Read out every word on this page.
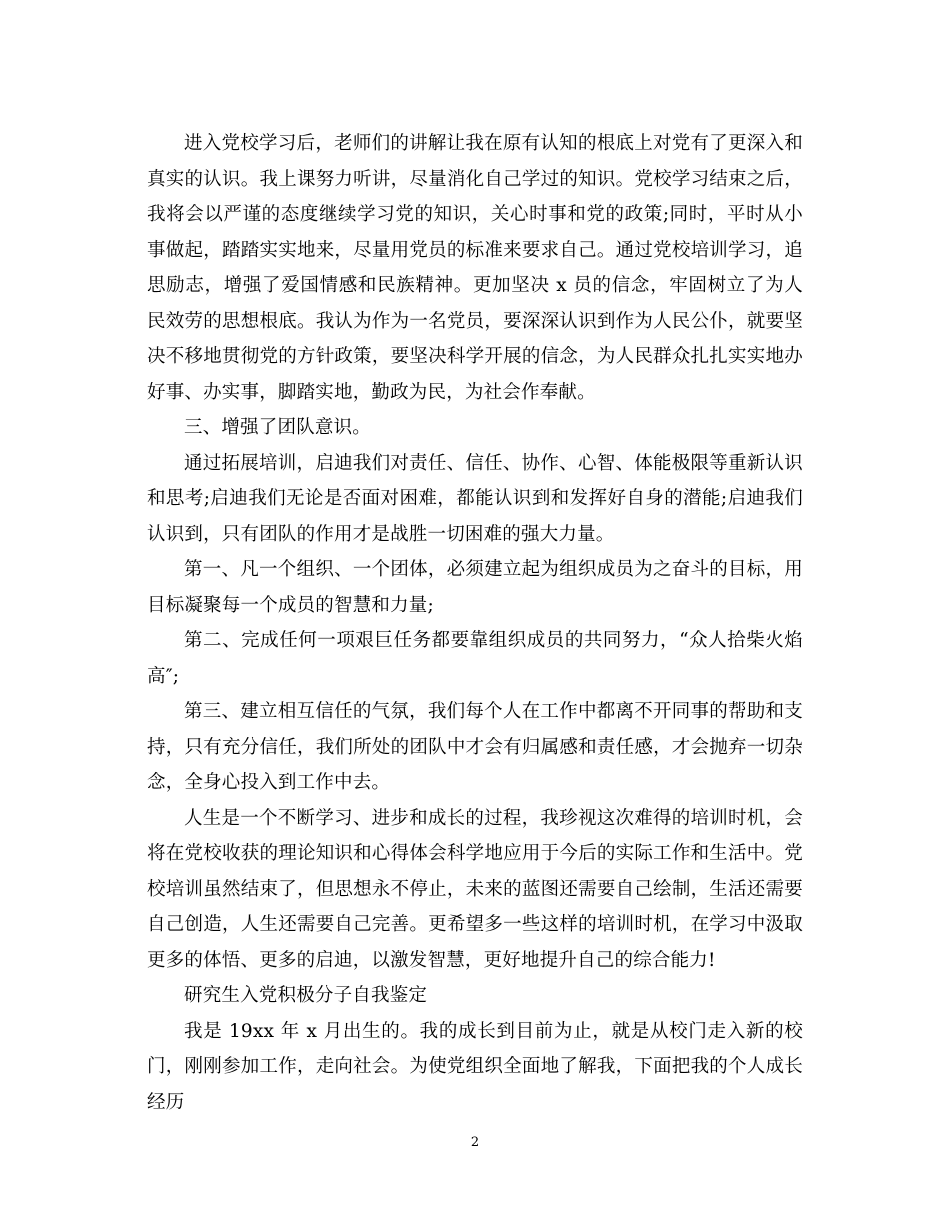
进入党校学习后，老师们的讲解让我在原有认知的根底上对党有了更深入和真实的认识。我上课努力听讲，尽量消化自己学过的知识。党校学习结束之后，我将会以严谨的态度继续学习党的知识，关心时事和党的政策;同时，平时从小事做起，踏踏实实地来，尽量用党员的标准来要求自己。通过党校培训学习，追思励志，增强了爱国情感和民族精神。更加坚决 x 员的信念，牢固树立了为人民效劳的思想根底。我认为作为一名党员，要深深认识到作为人民公仆，就要坚决不移地贯彻党的方针政策，要坚决科学开展的信念，为人民群众扎扎实实地办好事、办实事，脚踏实地，勤政为民，为社会作奉献。

三、增强了团队意识。

通过拓展培训，启迪我们对责任、信任、协作、心智、体能极限等重新认识和思考;启迪我们无论是否面对困难，都能认识到和发挥好自身的潜能;启迪我们认识到，只有团队的作用才是战胜一切困难的强大力量。

第一、凡一个组织、一个团体，必须建立起为组织成员为之奋斗的目标，用目标凝聚每一个成员的智慧和力量;

第二、完成任何一项艰巨任务都要靠组织成员的共同努力，“众人拾柴火焰高″;

第三、建立相互信任的气氛，我们每个人在工作中都离不开同事的帮助和支持，只有充分信任，我们所处的团队中才会有归属感和责任感，才会抛弃一切杂念，全身心投入到工作中去。

人生是一个不断学习、进步和成长的过程，我珍视这次难得的培训时机，会将在党校收获的理论知识和心得体会科学地应用于今后的实际工作和生活中。党校培训虽然结束了，但思想永不停止，未来的蓝图还需要自己绘制，生活还需要自己创造，人生还需要自己完善。更希望多一些这样的培训时机，在学习中汲取更多的体悟、更多的启迪，以激发智慧，更好地提升自己的综合能力!

研究生入党积极分子自我鉴定

我是 19xx 年 x 月出生的。我的成长到目前为止，就是从校门走入新的校门，刚刚参加工作，走向社会。为使党组织全面地了解我，下面把我的个人成长经历

2
